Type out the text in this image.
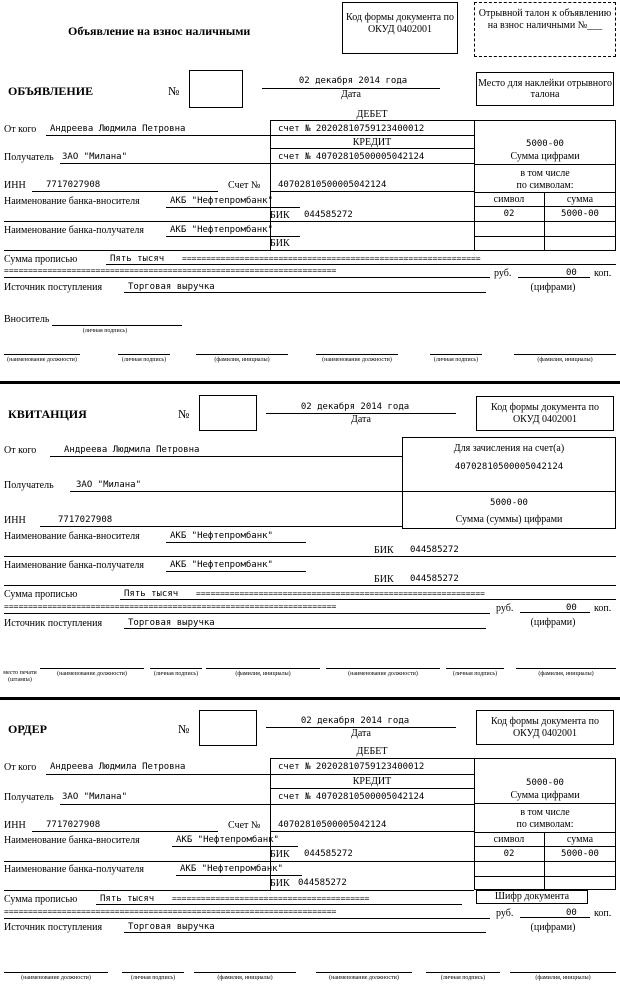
Объявление на взнос наличными
Код формы документа по ОКУД 0402001
Отрывной талон к объявлению на взнос наличными №___
ОБЪЯВЛЕНИЕ	№
02 декабря 2014 года
Дата
Место для наклейки отрывного талона
ДЕБЕТ
счет № 20202810759123400012
КРЕДИТ
счет № 40702810500005042124
5000-00
Сумма цифрами
в том числе
по символам:
символ	сумма
02	5000-00
От кого Андреева Людмила Петровна
Получатель ЗАО "Милана"
ИНН 7717027908	Счет № 40702810500005042124
Наименование банка-вносителя	АКБ "Нефтепромбанк"
БИК 044585272
Наименование банка-получателя	АКБ "Нефтепромбанк"
БИК
Сумма прописью	Пять тысяч ==============================================================
=====================================================================	руб.	00 коп.
Источник поступления	Торговая выручка	(цифрами)
Вноситель
(личная подпись)
(наименование должности)	(личная подпись)	(фамилия, инициалы)	(наименование должности)	(личная подпись)	(фамилия, инициалы)
КВИТАНЦИЯ	№	02 декабря 2014 года
Дата
Код формы документа по ОКУД 0402001
Для зачисления на счет(а)
40702810500005042124
5000-00
Сумма (суммы) цифрами
От кого	Андреева Людмила Петровна
Получатель ЗАО "Милана"
ИНН	7717027908
Наименование банка-вносителя	АКБ "Нефтепромбанк"
БИК 044585272
Наименование банка-получателя	АКБ "Нефтепромбанк"
БИК 044585272
Сумма прописью	Пять тысяч ============================================================
=====================================================================	руб.	00 коп.
Источник поступления	Торговая выручка	(цифрами)
место печати (штампа)
(наименование должности)	(личная подпись)	(фамилия, инициалы)	(наименование должности)	(личная подпись)	(фамилия, инициалы)
ОРДЕР	№
02 декабря 2014 года
Дата
Код формы документа по ОКУД 0402001
ДЕБЕТ
счет № 20202810759123400012
КРЕДИТ
счет № 40702810500005042124
5000-00
Сумма цифрами
в том числе
по символам:
символ	сумма
02	5000-00
От кого Андреева Людмила Петровна
Получатель ЗАО "Милана"
ИНН 7717027908	Счет № 40702810500005042124
Наименование банка-вносителя	АКБ "Нефтепромбанк"
БИК 044585272
Наименование банка-получателя	АКБ "Нефтепромбанк"
БИК 044585272
Сумма прописью	Пять тысяч =========================================	Шифр документа
=====================================================================	руб.	00 коп.
Источник поступления	Торговая выручка	(цифрами)
(наименование должности)	(личная подпись)	(фамилия, инициалы)	(наименование должности)	(личная подпись)	(фамилия, инициалы)
